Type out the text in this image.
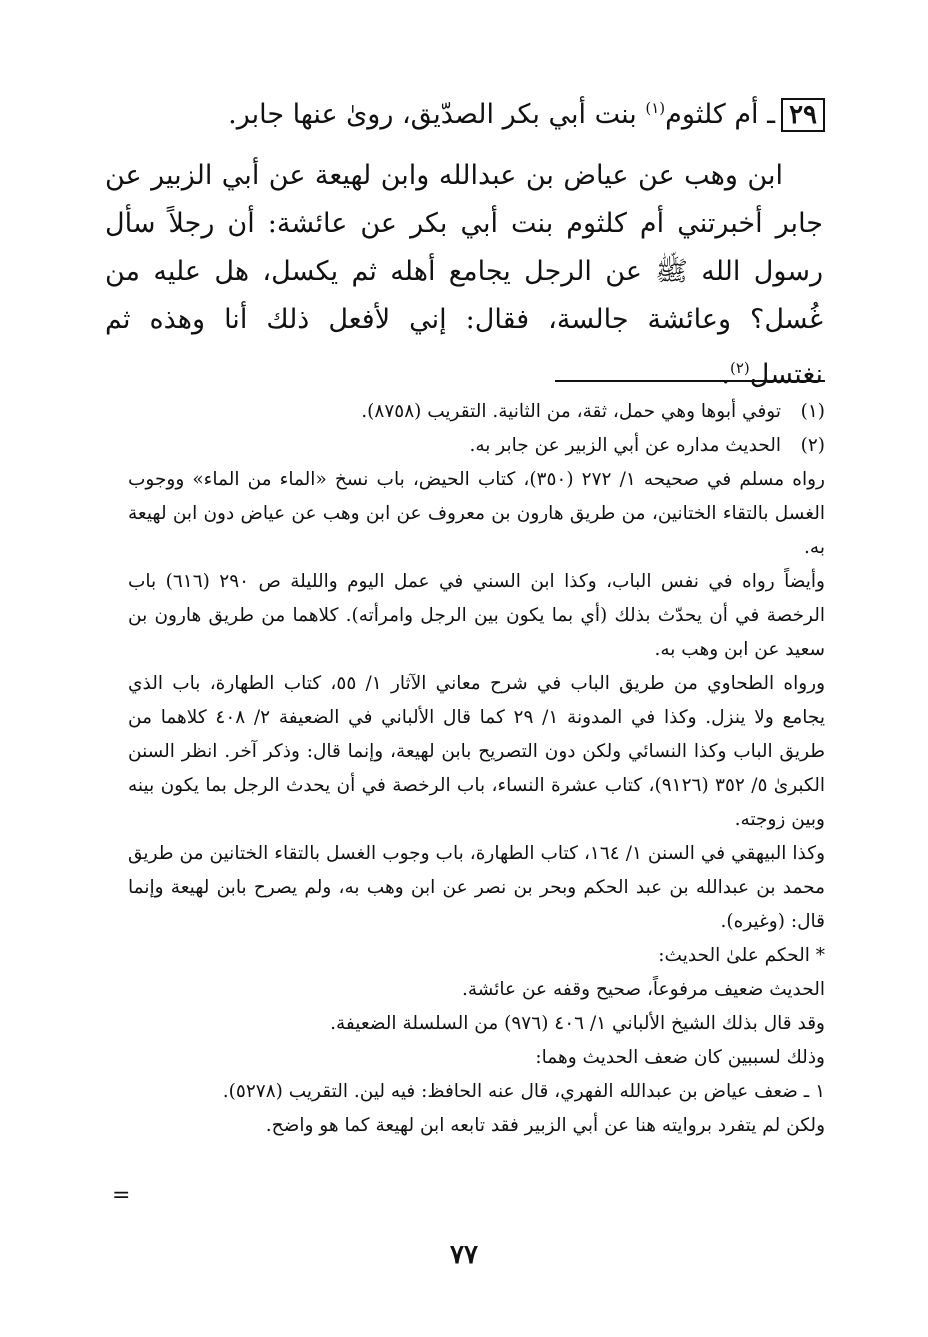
٢٩ـ أم كلثوم$^{(١)}$ بنت أبي بكر الصدّيق، روىٰ عنها جابر.

ابن وهب عن عياض بن عبدالله وابن لهيعة عن أبي الزبير عن جابر أخبرتني أم كلثوم بنت أبي بكر عن عائشة: أن رجلاً سأل رسول الله ﷺ عن الرجل يجامع أهله ثم يكسل، هل عليه من غُسل؟ وعائشة جالسة، فقال: إني لأفعل ذلك أنا وهذه ثم نغتسل$^{(٢)}$.

(١)توفي أبوها وهي حمل، ثقة، من الثانية. التقريب (٨٧٥٨).
(٢)الحديث مداره عن أبي الزبير عن جابر به.

رواه مسلم في صحيحه ١/ ٢٧٢ (٣٥٠)، كتاب الحيض، باب نسخ «الماء من الماء» ووجوب الغسل بالتقاء الختانين، من طريق هارون بن معروف عن ابن وهب عن عياض دون ابن لهيعة به.

وأيضاً رواه في نفس الباب، وكذا ابن السني في عمل اليوم والليلة ص ٢٩٠ (٦١٦) باب الرخصة في أن يحدّث بذلك (أي بما يكون بين الرجل وامرأته). كلاهما من طريق هارون بن سعيد عن ابن وهب به.

ورواه الطحاوي من طريق الباب في شرح معاني الآثار ١/ ٥٥، كتاب الطهارة، باب الذي يجامع ولا ينزل. وكذا في المدونة ١/ ٢٩ كما قال الألباني في الضعيفة ٢/ ٤٠٨ كلاهما من طريق الباب وكذا النسائي ولكن دون التصريح بابن لهيعة، وإنما قال: وذكر آخر. انظر السنن الكبرىٰ ٥/ ٣٥٢ (٩١٢٦)، كتاب عشرة النساء، باب الرخصة في أن يحدث الرجل بما يكون بينه وبين زوجته.

وكذا البيهقي في السنن ١/ ١٦٤، كتاب الطهارة، باب وجوب الغسل بالتقاء الختانين من طريق محمد بن عبدالله بن عبد الحكم وبحر بن نصر عن ابن وهب به، ولم يصرح بابن لهيعة وإنما قال: (وغيره).

* الحكم علىٰ الحديث:

الحديث ضعيف مرفوعاً، صحيح وقفه عن عائشة.

وقد قال بذلك الشيخ الألباني ١/ ٤٠٦ (٩٧٦) من السلسلة الضعيفة.

وذلك لسببين كان ضعف الحديث وهما:

١ ـ ضعف عياض بن عبدالله الفهري، قال عنه الحافظ: فيه لين. التقريب (٥٢٧٨).

ولكن لم يتفرد بروايته هنا عن أبي الزبير فقد تابعه ابن لهيعة كما هو واضح.

=
٧٧
